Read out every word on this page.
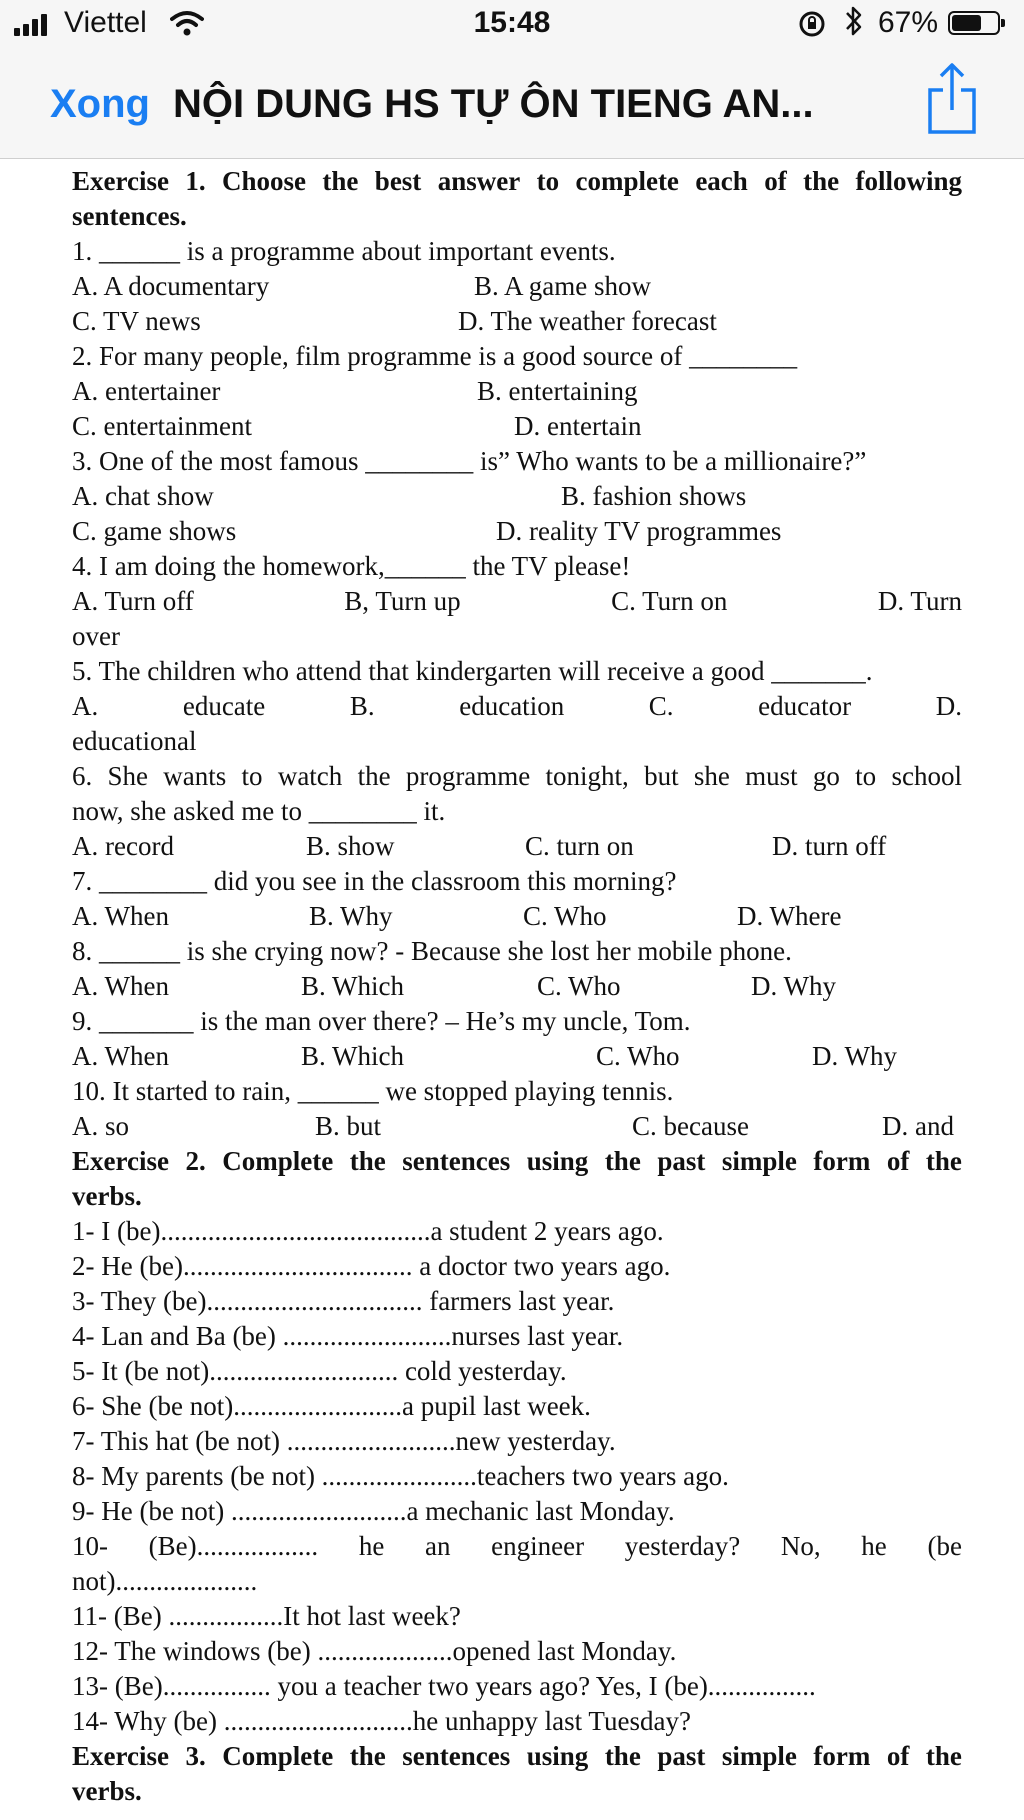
Viettel	15:48	67%
Xong NỘI DUNG HS TỰ ÔN TIENG AN...
Exercise 1. Choose the best answer to complete each of the following
sentences.
1. ______ is a programme about important events.
A. A documentary	B. A game show
C. TV news	D. The weather forecast
2. For many people, film programme is a good source of ________
A. entertainer	B. entertaining
C. entertainment	D. entertain
3. One of the most famous ________ is” Who wants to be a millionaire?”
A. chat show	B. fashion shows
C. game shows	D. reality TV programmes
4. I am doing the homework,______ the TV please!
A. Turn off	B, Turn up	C. Turn on	D. Turn
over
5. The children who attend that kindergarten will receive a good _______.
A.	educate	B.	education	C.	educator	D.
educational
6. She wants to watch the programme tonight, but she must go to school
now, she asked me to ________ it.
A. record	B. show	C. turn on	D. turn off
7. ________ did you see in the classroom this morning?
A. When	B. Why	C. Who	D. Where
8. ______ is she crying now? - Because she lost her mobile phone.
A. When	B. Which	C. Who	D. Why
9. _______ is the man over there? – He’s my uncle, Tom.
A. When	B. Which	C. Who	D. Why
10. It started to rain, ______ we stopped playing tennis.
A. so	B. but	C. because	D. and
Exercise 2. Complete the sentences using the past simple form of the
verbs.
1- I (be)........................................a student 2 years ago.
2- He (be).................................. a doctor two years ago.
3- They (be)................................ farmers last year.
4- Lan and Ba (be) .........................nurses last year.
5- It (be not)............................ cold yesterday.
6- She (be not).........................a pupil last week.
7- This hat (be not) .........................new yesterday.
8- My parents (be not) .......................teachers two years ago.
9- He (be not) ..........................a mechanic last Monday.
10- (Be).................. he an engineer yesterday? No, he (be
not).....................
11- (Be) .................It hot last week?
12- The windows (be) ....................opened last Monday.
13- (Be)................ you a teacher two years ago? Yes, I (be)................
14- Why (be) ............................he unhappy last Tuesday?
Exercise 3. Complete the sentences using the past simple form of the
verbs.
